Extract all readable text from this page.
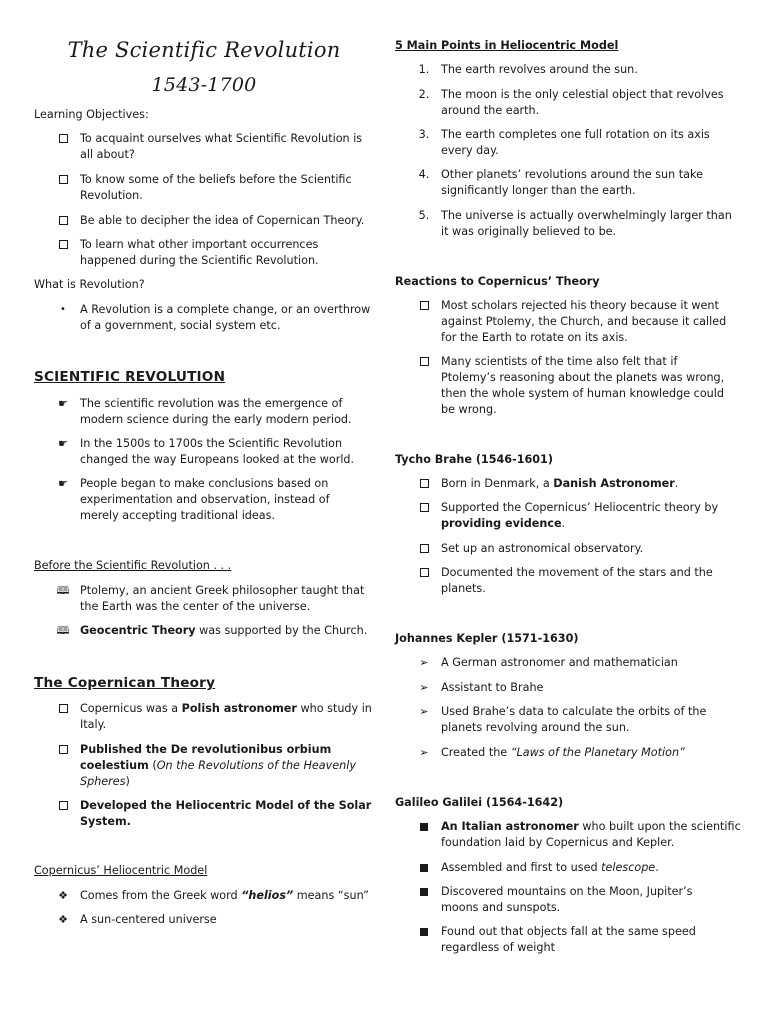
The Scientific Revolution
1543-1700
Learning Objectives:
To acquaint ourselves what Scientific Revolution is
all about?
To know some of the beliefs before the Scientific
Revolution.
Be able to decipher the idea of Copernican Theory.
To learn what other important occurrences
happened during the Scientific Revolution.
What is Revolution?
•	A Revolution is a complete change, or an overthrow
of a government, social system etc.
SCIENTIFIC REVOLUTION
☛ The scientific revolution was the emergence of
modern science during the early modern period.
☛ In the 1500s to 1700s the Scientific Revolution
changed the way Europeans looked at the world.
☛ People began to make conclusions based on
experimentation and observation, instead of
merely accepting traditional ideas.
Before the Scientific Revolution . . .
🕮 Ptolemy, an ancient Greek philosopher taught that
the Earth was the center of the universe.
🕮 Geocentric Theory was supported by the Church.
The Copernican Theory
Copernicus was a Polish astronomer who study in
Italy.
Published the De revolutionibus orbium
coelestium (On the Revolutions of the Heavenly
Spheres)
Developed the Heliocentric Model of the Solar
System.
Copernicus’ Heliocentric Model
❖ Comes from the Greek word “helios” means “sun”
❖ A sun-centered universe
5 Main Points in Heliocentric Model
1. The earth revolves around the sun.
2. The moon is the only celestial object that revolves
around the earth.
3. The earth completes one full rotation on its axis
every day.
4. Other planets’ revolutions around the sun take
significantly longer than the earth.
5. The universe is actually overwhelmingly larger than
it was originally believed to be.
Reactions to Copernicus’ Theory
Most scholars rejected his theory because it went
against Ptolemy, the Church, and because it called
for the Earth to rotate on its axis.
Many scientists of the time also felt that if
Ptolemy’s reasoning about the planets was wrong,
then the whole system of human knowledge could
be wrong.
Tycho Brahe (1546-1601)
Born in Denmark, a Danish Astronomer.
Supported the Copernicus’ Heliocentric theory by
providing evidence.
Set up an astronomical observatory.
Documented the movement of the stars and the
planets.
Johannes Kepler (1571-1630)
➢ A German astronomer and mathematician
➢ Assistant to Brahe
➢ Used Brahe’s data to calculate the orbits of the
planets revolving around the sun.
➢ Created the “Laws of the Planetary Motion”
Galileo Galilei (1564-1642)
An Italian astronomer who built upon the scientific
foundation laid by Copernicus and Kepler.
Assembled and first to used telescope.
Discovered mountains on the Moon, Jupiter’s
moons and sunspots.
Found out that objects fall at the same speed
regardless of weight
